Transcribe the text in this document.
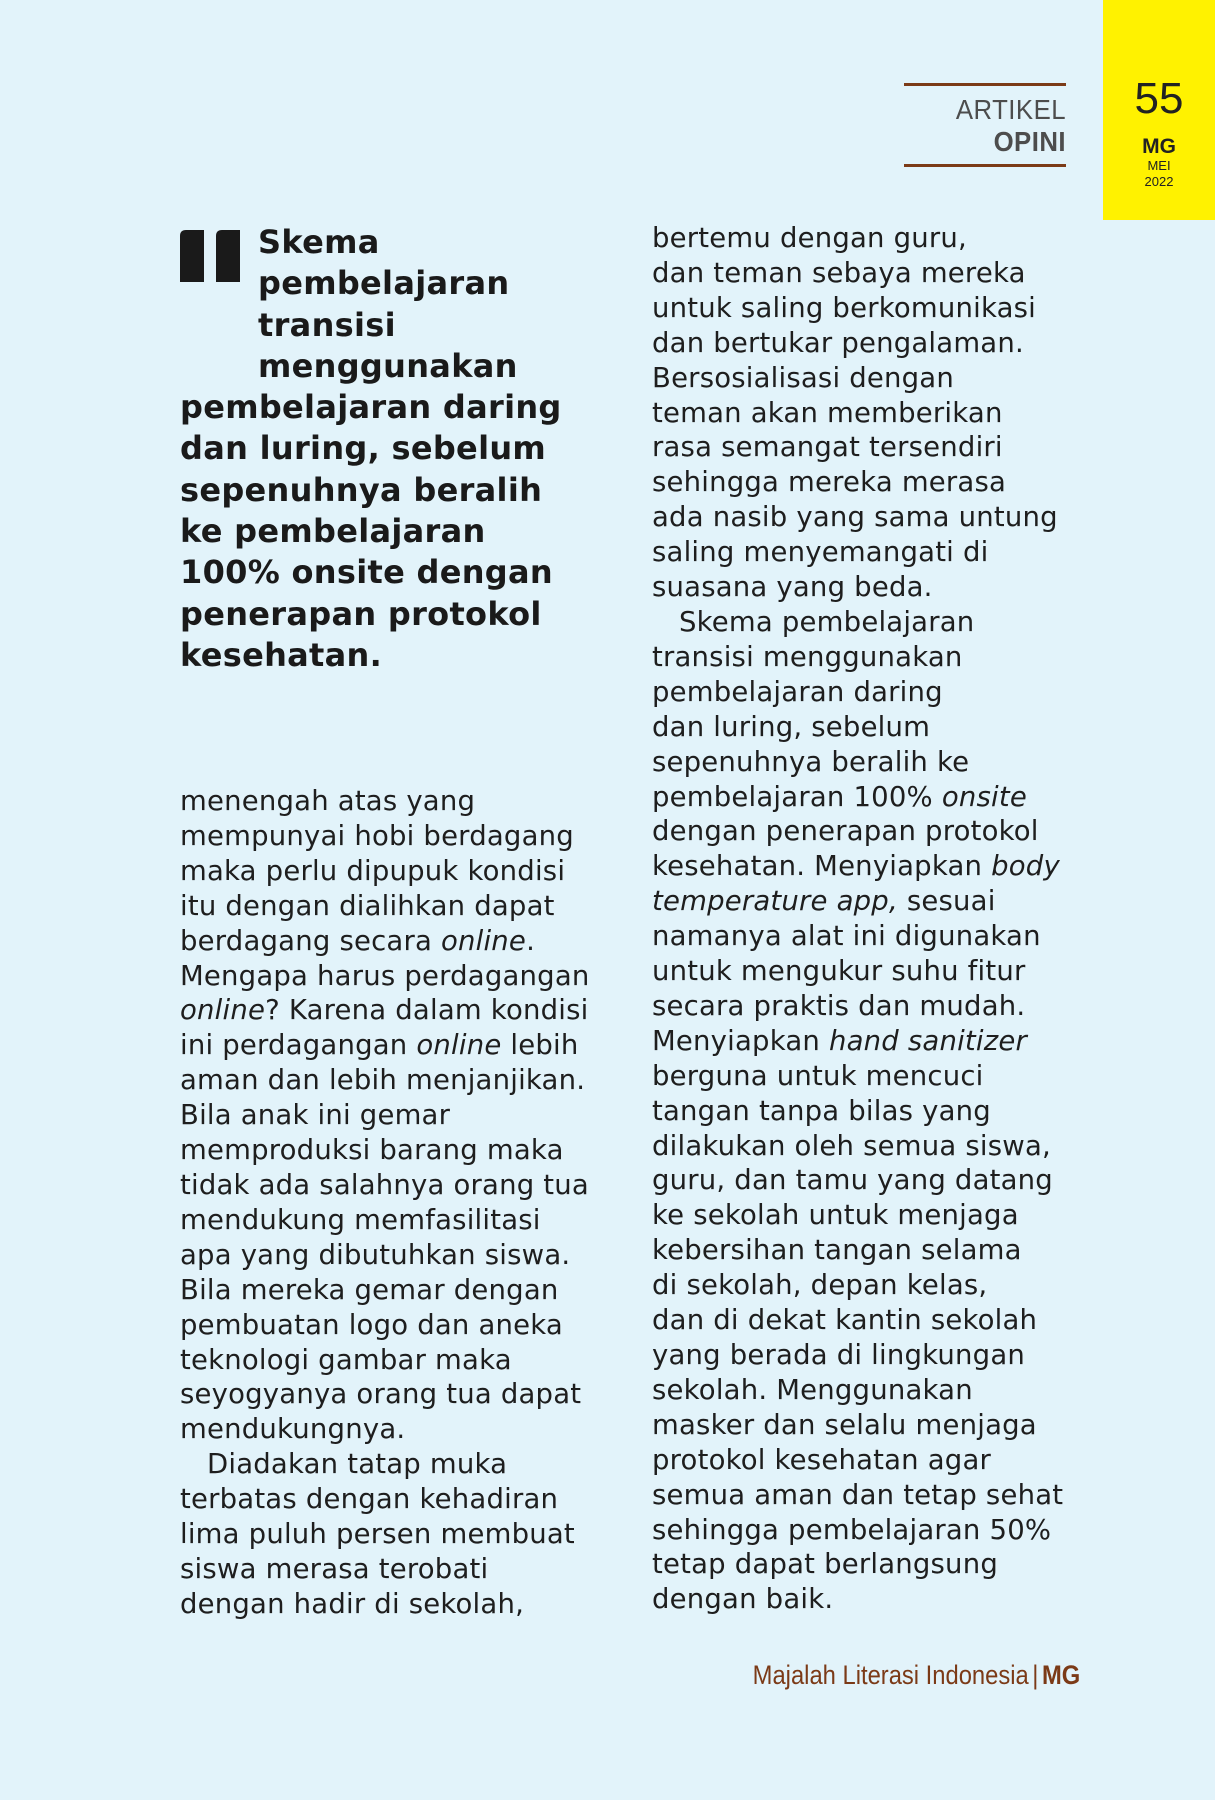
ARTIKEL
OPINI
55
MG
MEI
2022
Skema
pembelajaran
transisi
menggunakan
pembelajaran daring
dan luring, sebelum
sepenuhnya beralih
ke pembelajaran
100% onsite dengan
penerapan protokol
kesehatan.
menengah atas yang
mempunyai hobi berdagang
maka perlu dipupuk kondisi
itu dengan dialihkan dapat
berdagang secara online.
Mengapa harus perdagangan
online? Karena dalam kondisi
ini perdagangan online lebih
aman dan lebih menjanjikan.
Bila anak ini gemar
memproduksi barang maka
tidak ada salahnya orang tua
mendukung memfasilitasi
apa yang dibutuhkan siswa.
Bila mereka gemar dengan
pembuatan logo dan aneka
teknologi gambar maka
seyogyanya orang tua dapat
mendukungnya.
Diadakan tatap muka
terbatas dengan kehadiran
lima puluh persen membuat
siswa merasa terobati
dengan hadir di sekolah,
bertemu dengan guru,
dan teman sebaya mereka
untuk saling berkomunikasi
dan bertukar pengalaman.
Bersosialisasi dengan
teman akan memberikan
rasa semangat tersendiri
sehingga mereka merasa
ada nasib yang sama untung
saling menyemangati di
suasana yang beda.
Skema pembelajaran
transisi menggunakan
pembelajaran daring
dan luring, sebelum
sepenuhnya beralih ke
pembelajaran 100% onsite
dengan penerapan protokol
kesehatan. Menyiapkan body
temperature app, sesuai
namanya alat ini digunakan
untuk mengukur suhu fitur
secara praktis dan mudah.
Menyiapkan hand sanitizer
berguna untuk mencuci
tangan tanpa bilas yang
dilakukan oleh semua siswa,
guru, dan tamu yang datang
ke sekolah untuk menjaga
kebersihan tangan selama
di sekolah, depan kelas,
dan di dekat kantin sekolah
yang berada di lingkungan
sekolah. Menggunakan
masker dan selalu menjaga
protokol kesehatan agar
semua aman dan tetap sehat
sehingga pembelajaran 50%
tetap dapat berlangsung
dengan baik.
Majalah Literasi Indonesia | MG
